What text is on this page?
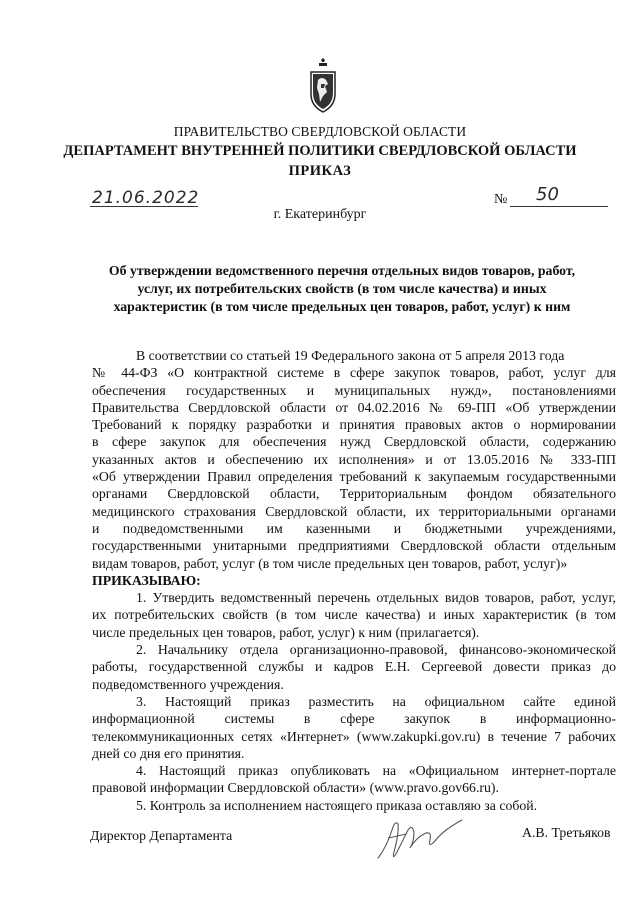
ПРАВИТЕЛЬСТВО СВЕРДЛОВСКОЙ ОБЛАСТИ
ДЕПАРТАМЕНТ ВНУТРЕННЕЙ ПОЛИТИКИ СВЕРДЛОВСКОЙ ОБЛАСТИ
ПРИКАЗ
21.06.2022	№ 50
г. Екатеринбург
Об утверждении ведомственного перечня отдельных видов товаров, работ,
услуг, их потребительских свойств (в том числе качества) и иных
характеристик (в том числе предельных цен товаров, работ, услуг) к ним
В соответствии со статьей 19 Федерального закона от 5 апреля 2013 года
№ 44-ФЗ «О контрактной системе в сфере закупок товаров, работ, услуг для
обеспечения государственных и муниципальных нужд», постановлениями
Правительства Свердловской области от 04.02.2016 № 69-ПП «Об утверждении
Требований к порядку разработки и принятия правовых актов о нормировании
в сфере закупок для обеспечения нужд Свердловской области, содержанию
указанных актов и обеспечению их исполнения» и от 13.05.2016 № 333-ПП
«Об утверждении Правил определения требований к закупаемым государственными
органами Свердловской области, Территориальным фондом обязательного
медицинского страхования Свердловской области, их территориальными органами
и подведомственными им казенными и бюджетными учреждениями,
государственными унитарными предприятиями Свердловской области отдельным
видам товаров, работ, услуг (в том числе предельных цен товаров, работ, услуг)»
ПРИКАЗЫВАЮ:
1. Утвердить ведомственный перечень отдельных видов товаров, работ, услуг,
их потребительских свойств (в том числе качества) и иных характеристик (в том
числе предельных цен товаров, работ, услуг) к ним (прилагается).
2. Начальнику отдела организационно-правовой, финансово-экономической
работы, государственной службы и кадров Е.Н. Сергеевой довести приказ до
подведомственного учреждения.
3. Настоящий приказ разместить на официальном сайте единой
информационной системы в сфере закупок в информационно-
телекоммуникационных сетях «Интернет» (www.zakupki.gov.ru) в течение 7 рабочих
дней со дня его принятия.
4. Настоящий приказ опубликовать на «Официальном интернет-портале
правовой информации Свердловской области» (www.pravo.gov66.ru).
5. Контроль за исполнением настоящего приказа оставляю за собой.
Директор Департамента	А.В. Третьяков
